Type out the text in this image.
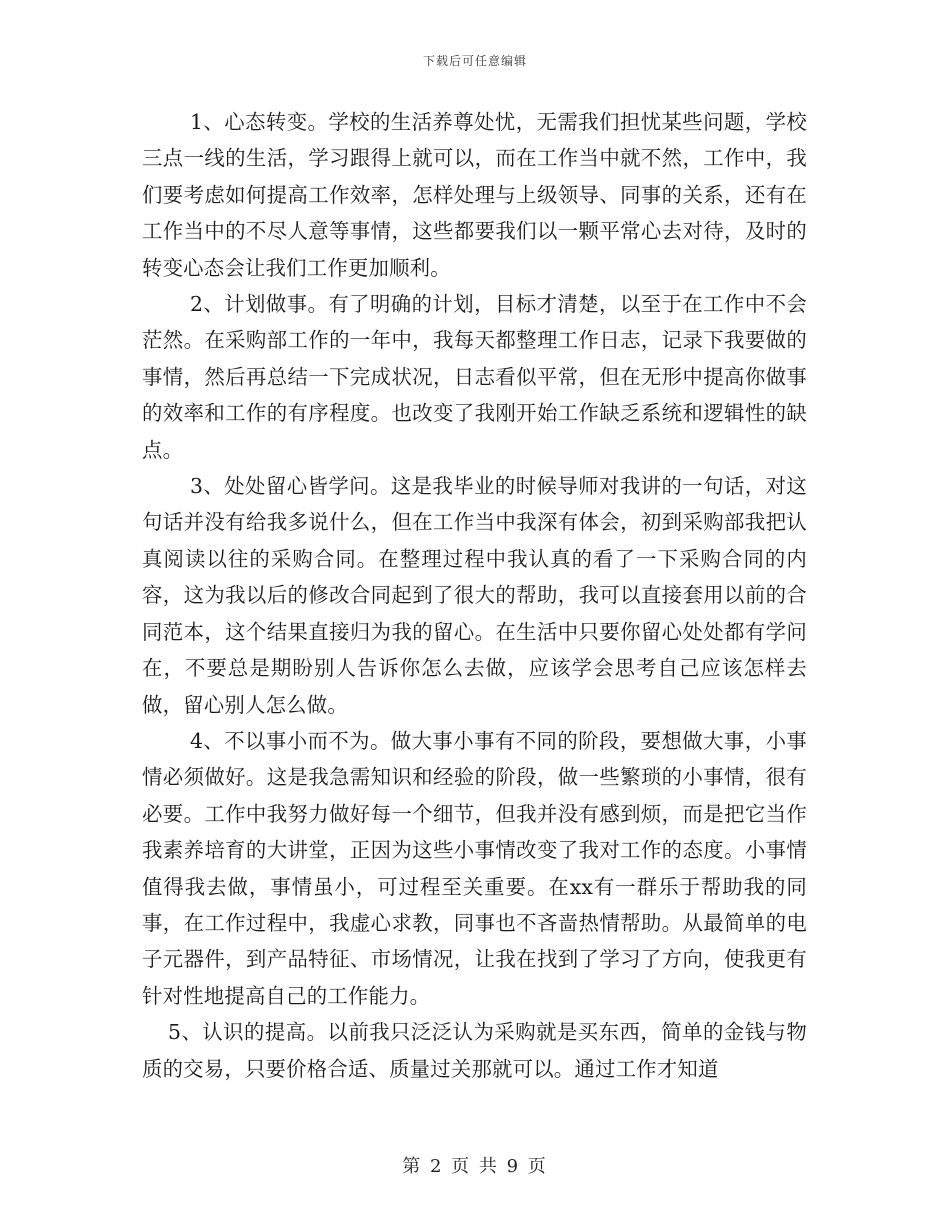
下载后可任意编辑

1、心态转变。学校的生活养尊处忧，无需我们担忧某些问题，学校三点一线的生活，学习跟得上就可以，而在工作当中就不然，工作中，我们要考虑如何提高工作效率，怎样处理与上级领导、同事的关系，还有在工作当中的不尽人意等事情，这些都要我们以一颗平常心去对待，及时的转变心态会让我们工作更加顺利。

2、计划做事。有了明确的计划，目标才清楚，以至于在工作中不会茫然。在采购部工作的一年中，我每天都整理工作日志，记录下我要做的事情，然后再总结一下完成状况，日志看似平常，但在无形中提高你做事的效率和工作的有序程度。也改变了我刚开始工作缺乏系统和逻辑性的缺点。

3、处处留心皆学问。这是我毕业的时候导师对我讲的一句话，对这句话并没有给我多说什么，但在工作当中我深有体会，初到采购部我把认真阅读以往的采购合同。在整理过程中我认真的看了一下采购合同的内容，这为我以后的修改合同起到了很大的帮助，我可以直接套用以前的合同范本，这个结果直接归为我的留心。在生活中只要你留心处处都有学问在，不要总是期盼别人告诉你怎么去做，应该学会思考自己应该怎样去做，留心别人怎么做。

4、不以事小而不为。做大事小事有不同的阶段，要想做大事，小事情必须做好。这是我急需知识和经验的阶段，做一些繁琐的小事情，很有必要。工作中我努力做好每一个细节，但我并没有感到烦，而是把它当作我素养培育的大讲堂，正因为这些小事情改变了我对工作的态度。小事情值得我去做，事情虽小，可过程至关重要。在xx有一群乐于帮助我的同事，在工作过程中，我虚心求教，同事也不吝啬热情帮助。从最简单的电子元器件，到产品特征、市场情况，让我在找到了学习了方向，使我更有针对性地提高自己的工作能力。

5、认识的提高。以前我只泛泛认为采购就是买东西，简单的金钱与物质的交易，只要价格合适、质量过关那就可以。通过工作才知道

第 2 页 共 9 页
